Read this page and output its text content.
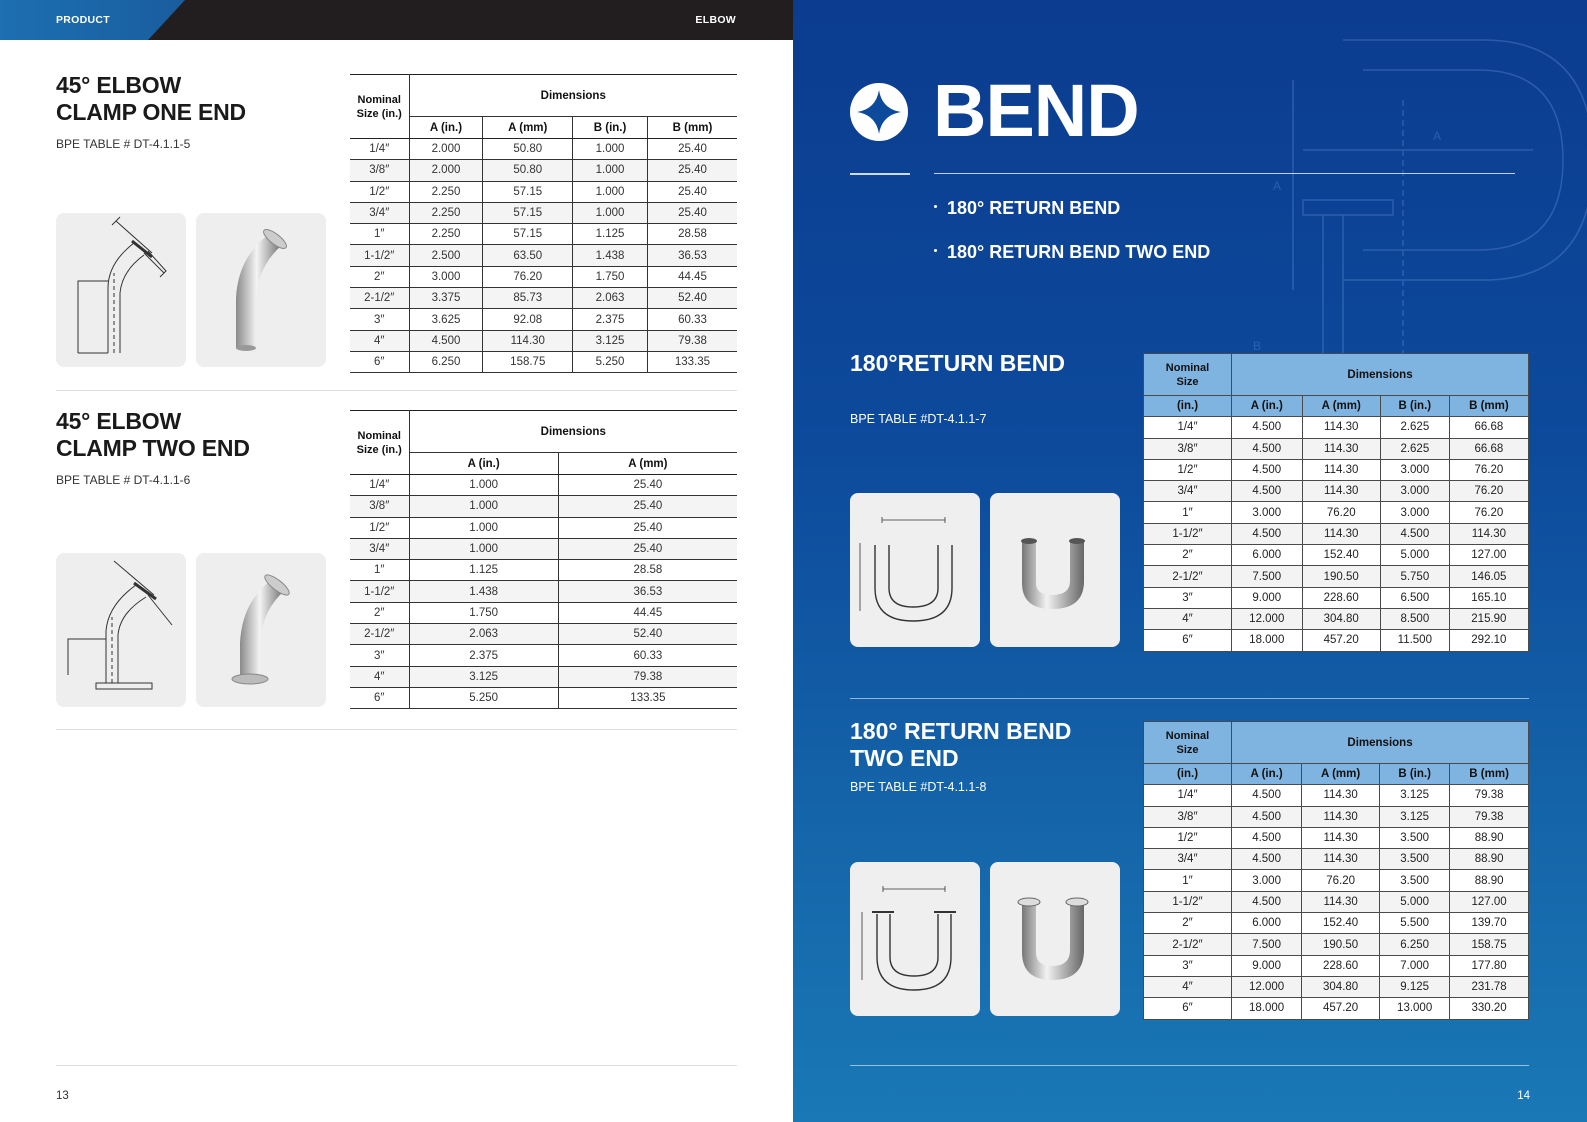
PRODUCT	ELBOW
45° ELBOW
CLAMP ONE END
BPE TABLE # DT-4.1.1-5
Nominal
Size (in.)	Dimensions			
	A (in.)	A (mm)	B (in.)	B (mm)
1/4″	2.000	50.80	1.000	25.40
3/8″	2.000	50.80	1.000	25.40
1/2″	2.250	57.15	1.000	25.40
3/4″	2.250	57.15	1.000	25.40
1″	2.250	57.15	1.125	28.58
1-1/2″	2.500	63.50	1.438	36.53
2″	3.000	76.20	1.750	44.45
2-1/2″	3.375	85.73	2.063	52.40
3″	3.625	92.08	2.375	60.33
4″	4.500	114.30	3.125	79.38
6″	6.250	158.75	5.250	133.35
45° ELBOW
CLAMP TWO END
BPE TABLE # DT-4.1.1-6
Nominal
Size (in.)	Dimensions	
	A (in.)	A (mm)
1/4″	1.000	25.40
3/8″	1.000	25.40
1/2″	1.000	25.40
3/4″	1.000	25.40
1″	1.125	28.58
1-1/2″	1.438	36.53
2″	1.750	44.45
2-1/2″	2.063	52.40
3″	2.375	60.33
4″	3.125	79.38
6″	5.250	133.35
13
A
A
B
BEND
180° RETURN BEND
180° RETURN BEND TWO END
180°RETURN BEND
BPE TABLE #DT-4.1.1-7
Nominal
Size	Dimensions			
(in.)	A (in.)	A (mm)	B (in.)	B (mm)
1/4″	4.500	114.30	2.625	66.68
3/8″	4.500	114.30	2.625	66.68
1/2″	4.500	114.30	3.000	76.20
3/4″	4.500	114.30	3.000	76.20
1″	3.000	76.20	3.000	76.20
1-1/2″	4.500	114.30	4.500	114.30
2″	6.000	152.40	5.000	127.00
2-1/2″	7.500	190.50	5.750	146.05
3″	9.000	228.60	6.500	165.10
4″	12.000	304.80	8.500	215.90
6″	18.000	457.20	11.500	292.10
180° RETURN BEND
TWO END
BPE TABLE #DT-4.1.1-8
Nominal
Size	Dimensions			
(in.)	A (in.)	A (mm)	B (in.)	B (mm)
1/4″	4.500	114.30	3.125	79.38
3/8″	4.500	114.30	3.125	79.38
1/2″	4.500	114.30	3.500	88.90
3/4″	4.500	114.30	3.500	88.90
1″	3.000	76.20	3.500	88.90
1-1/2″	4.500	114.30	5.000	127.00
2″	6.000	152.40	5.500	139.70
2-1/2″	7.500	190.50	6.250	158.75
3″	9.000	228.60	7.000	177.80
4″	12.000	304.80	9.125	231.78
6″	18.000	457.20	13.000	330.20
14
